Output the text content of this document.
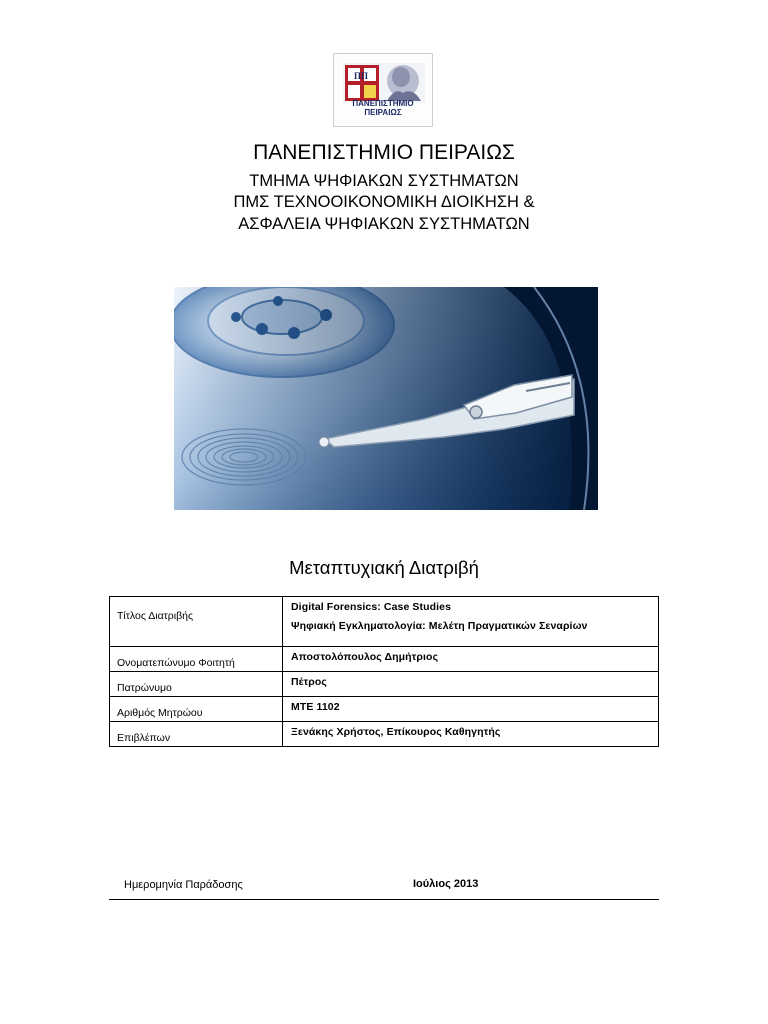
ΠΠ
ΠΑΝΕΠΙΣΤΗΜΙΟ
ΠΕΙΡΑΙΩΣ
ΠΑΝΕΠΙΣΤΗΜΙΟ ΠΕΙΡΑΙΩΣ
ΤΜΗΜΑ ΨΗΦΙΑΚΩΝ ΣΥΣΤΗΜΑΤΩΝ
ΠΜΣ ΤΕΧΝΟΟΙΚΟΝΟΜΙΚΗ ΔΙΟΙΚΗΣΗ &
ΑΣΦΑΛΕΙΑ ΨΗΦΙΑΚΩΝ ΣΥΣΤΗΜΑΤΩΝ
Μεταπτυχιακή Διατριβή
Τίτλος Διατριβής	Digital Forensics: Case Studies
Ψηφιακή Εγκληματολογία: Μελέτη Πραγματικών Σεναρίων

Ονοματεπώνυμο Φοιτητή	Αποστολόπουλος Δημήτριος
Πατρώνυμο	Πέτρος
Αριθμός Μητρώου	ΜΤΕ 1102
Επιβλέπων	Ξενάκης Χρήστος, Επίκουρος Καθηγητής
Ημερομηνία Παράδοσης	Ιούλιος 2013
